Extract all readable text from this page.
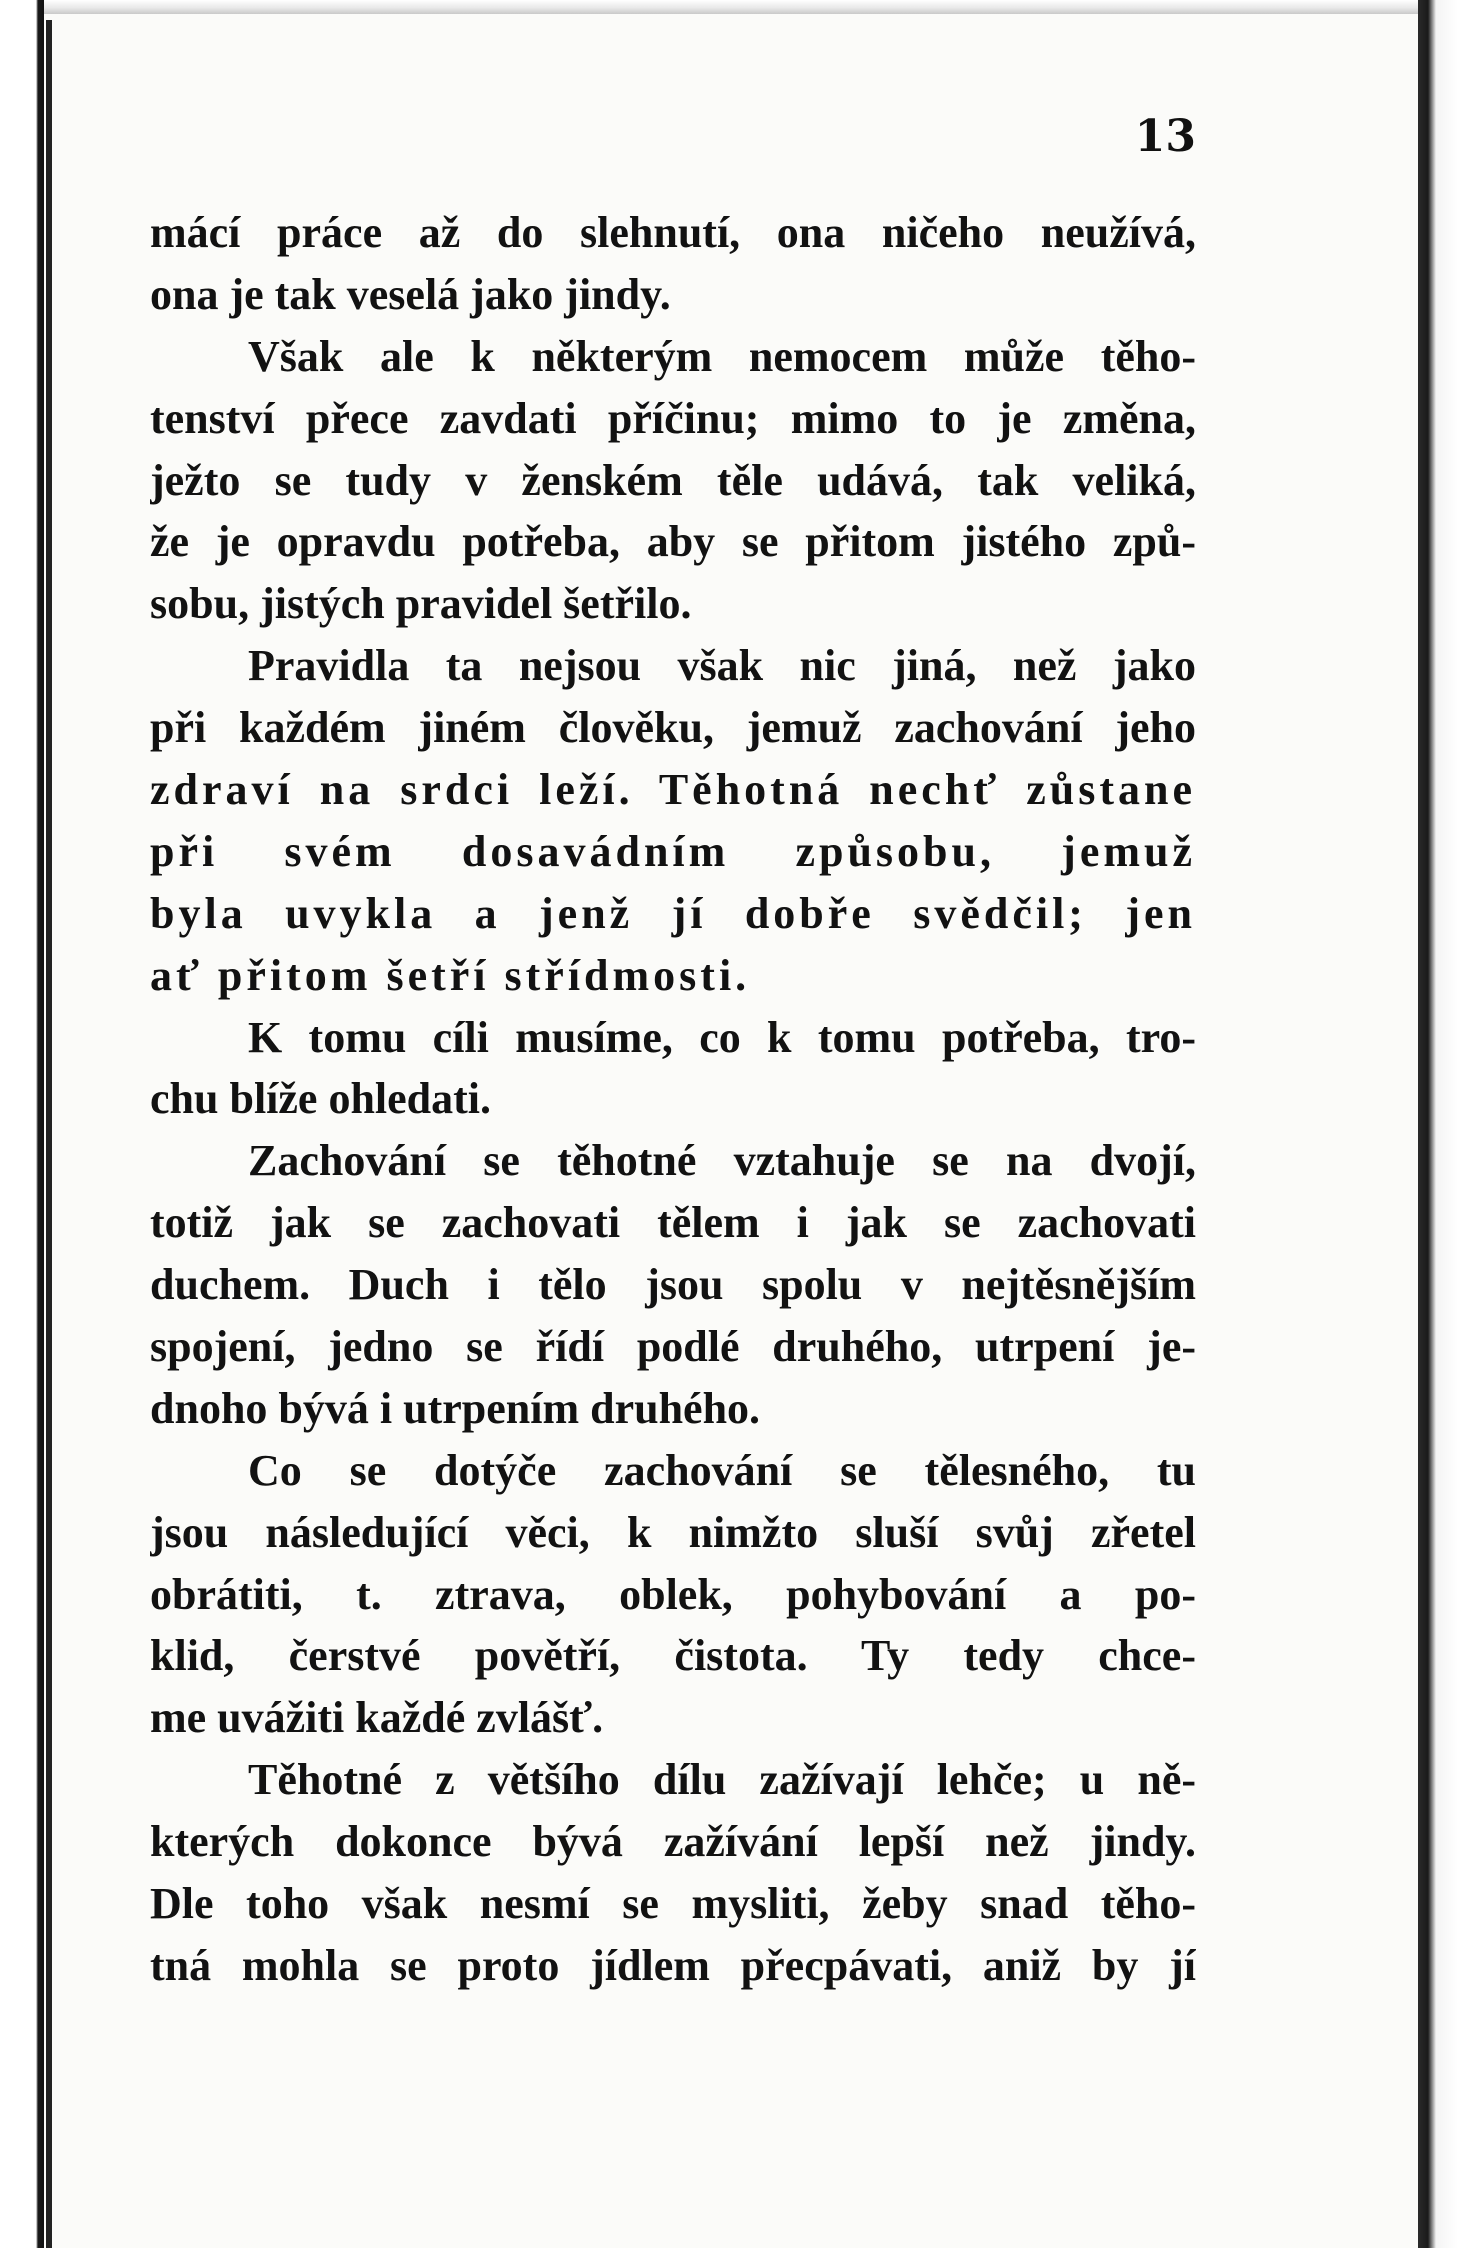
13
mácí práce až do slehnutí, ona ničeho neužívá,
ona je tak veselá jako jindy.
Však ale k některým nemocem může těho-
tenství přece zavdati příčinu; mimo to je změna,
ježto se tudy v ženském těle udává, tak veliká,
že je opravdu potřeba, aby se přitom jistého způ-
sobu, jistých pravidel šetřilo.
Pravidla ta nejsou však nic jiná, než jako
při každém jiném člověku, jemuž zachování jeho
zdraví na srdci leží. Těhotná nechť zůstane
při svém dosavádním způsobu, jemuž
byla uvykla a jenž jí dobře svědčil; jen
ať přitom šetří střídmosti.
K tomu cíli musíme, co k tomu potřeba, tro-
chu blíže ohledati.
Zachování se těhotné vztahuje se na dvojí,
totiž jak se zachovati tělem i jak se zachovati
duchem. Duch i tělo jsou spolu v nejtěsnějším
spojení, jedno se řídí podlé druhého, utrpení je-
dnoho bývá i utrpením druhého.
Co se dotýče zachování se tělesného, tu
jsou následující věci, k nimžto sluší svůj zřetel
obrátiti, t. ztrava, oblek, pohybování a po-
klid, čerstvé povětří, čistota. Ty tedy chce-
me uvážiti každé zvlášť.
Těhotné z většího dílu zažívají lehče; u ně-
kterých dokonce bývá zažívání lepší než jindy.
Dle toho však nesmí se mysliti, žeby snad těho-
tná mohla se proto jídlem přecpávati, aniž by jí
